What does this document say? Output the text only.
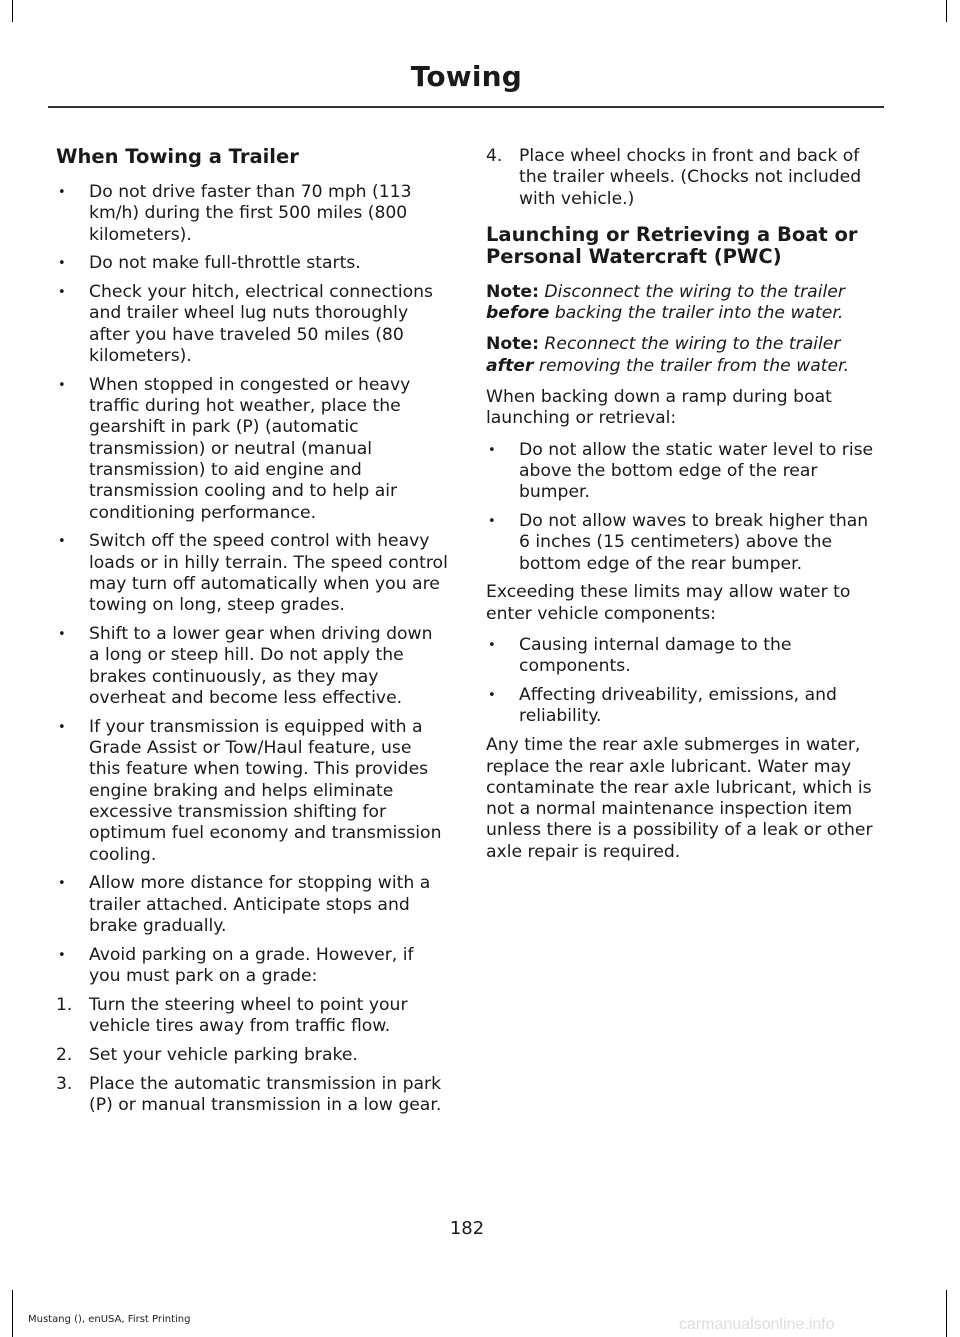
Towing
When Towing a Trailer
• Do not drive faster than 70 mph (113 km/h) during the first 500 miles (800 kilometers).
• Do not make full-throttle starts.
• Check your hitch, electrical connections and trailer wheel lug nuts thoroughly after you have traveled 50 miles (80 kilometers).
• When stopped in congested or heavy traffic during hot weather, place the gearshift in park (P) (automatic transmission) or neutral (manual transmission) to aid engine and transmission cooling and to help air conditioning performance.
• Switch off the speed control with heavy loads or in hilly terrain. The speed control may turn off automatically when you are towing on long, steep grades.
• Shift to a lower gear when driving down a long or steep hill. Do not apply the brakes continuously, as they may overheat and become less effective.
• If your transmission is equipped with a Grade Assist or Tow/Haul feature, use this feature when towing. This provides engine braking and helps eliminate excessive transmission shifting for optimum fuel economy and transmission cooling.
• Allow more distance for stopping with a trailer attached. Anticipate stops and brake gradually.
• Avoid parking on a grade. However, if you must park on a grade:
1. Turn the steering wheel to point your vehicle tires away from traffic flow.
2. Set your vehicle parking brake.
3. Place the automatic transmission in park (P) or manual transmission in a low gear.
4. Place wheel chocks in front and back of the trailer wheels. (Chocks not included with vehicle.)
Launching or Retrieving a Boat or Personal Watercraft (PWC)

Note: Disconnect the wiring to the trailer before backing the trailer into the water.

Note: Reconnect the wiring to the trailer after removing the trailer from the water.

When backing down a ramp during boat launching or retrieval:

• Do not allow the static water level to rise above the bottom edge of the rear bumper.
• Do not allow waves to break higher than 6 inches (15 centimeters) above the bottom edge of the rear bumper.

Exceeding these limits may allow water to enter vehicle components:

• Causing internal damage to the components.
• Affecting driveability, emissions, and reliability.

Any time the rear axle submerges in water, replace the rear axle lubricant. Water may contaminate the rear axle lubricant, which is not a normal maintenance inspection item unless there is a possibility of a leak or other axle repair is required.

182
Mustang (), enUSA, First Printing	carmanualsonline.info
